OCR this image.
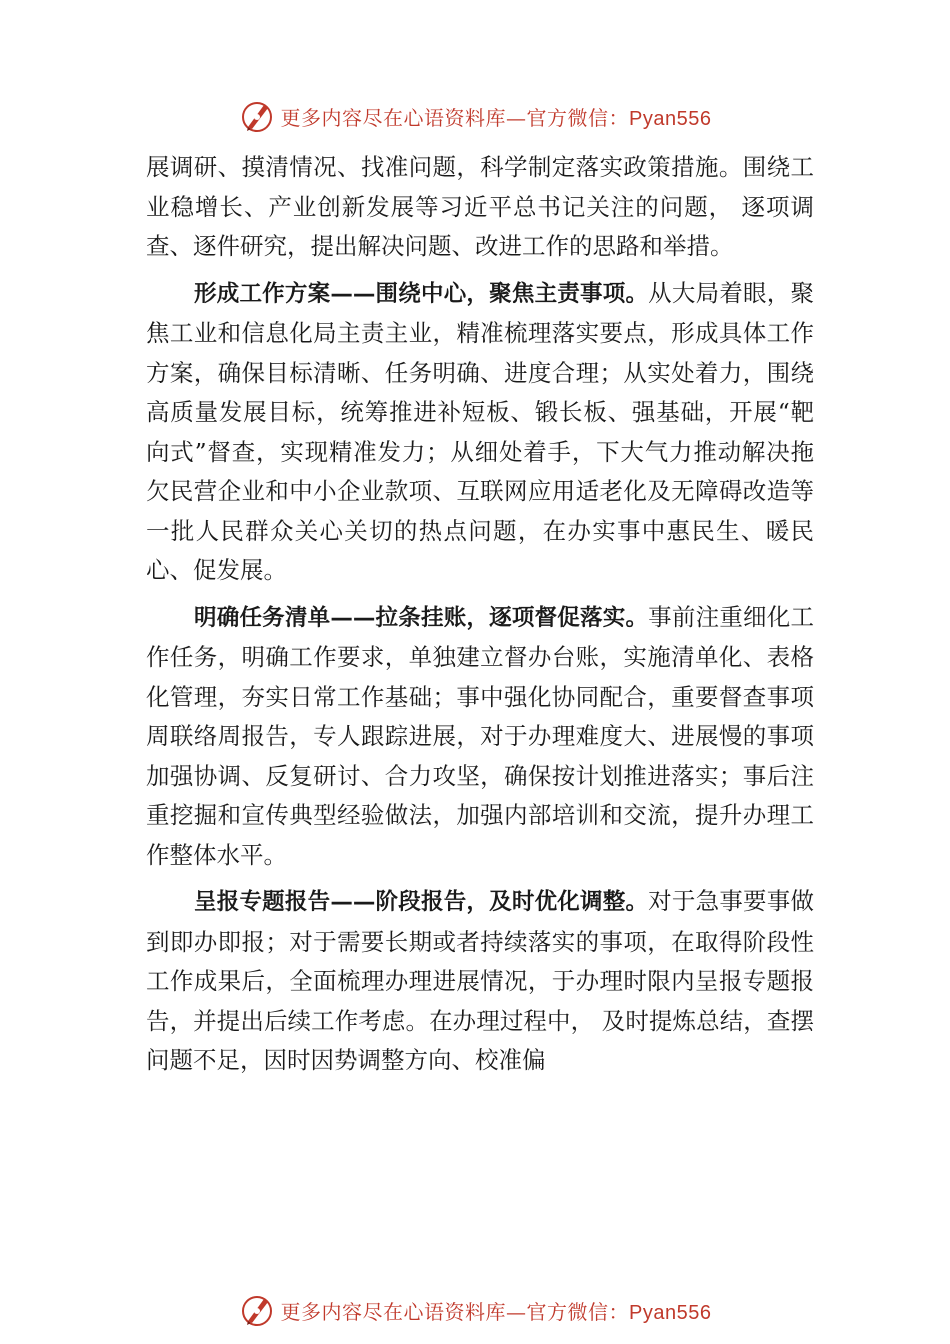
更多内容尽在心语资料库—官方微信：Pyan556

展调研、摸清情况、找准问题，科学制定落实政策措施。围绕工业稳增长、产业创新发展等习近平总书记关注的问题， 逐项调查、逐件研究，提出解决问题、改进工作的思路和举措。

形成工作方案——围绕中心，聚焦主责事项。从大局着眼，聚焦工业和信息化局主责主业，精准梳理落实要点，形成具体工作方案，确保目标清晰、任务明确、进度合理；从实处着力，围绕高质量发展目标，统筹推进补短板、锻长板、强基础，开展“靶向式”督查，实现精准发力；从细处着手，下大气力推动解决拖欠民营企业和中小企业款项、互联网应用适老化及无障碍改造等一批人民群众关心关切的热点问题，在办实事中惠民生、暖民心、促发展。

明确任务清单——拉条挂账，逐项督促落实。事前注重细化工作任务，明确工作要求，单独建立督办台账，实施清单化、表格化管理，夯实日常工作基础；事中强化协同配合，重要督查事项周联络周报告，专人跟踪进展，对于办理难度大、进展慢的事项加强协调、反复研讨、合力攻坚，确保按计划推进落实；事后注重挖掘和宣传典型经验做法，加强内部培训和交流，提升办理工作整体水平。

呈报专题报告——阶段报告，及时优化调整。对于急事要事做到即办即报；对于需要长期或者持续落实的事项，在取得阶段性工作成果后，全面梳理办理进展情况，于办理时限内呈报专题报告，并提出后续工作考虑。在办理过程中， 及时提炼总结，查摆问题不足，因时因势调整方向、校准偏

更多内容尽在心语资料库—官方微信：Pyan556
